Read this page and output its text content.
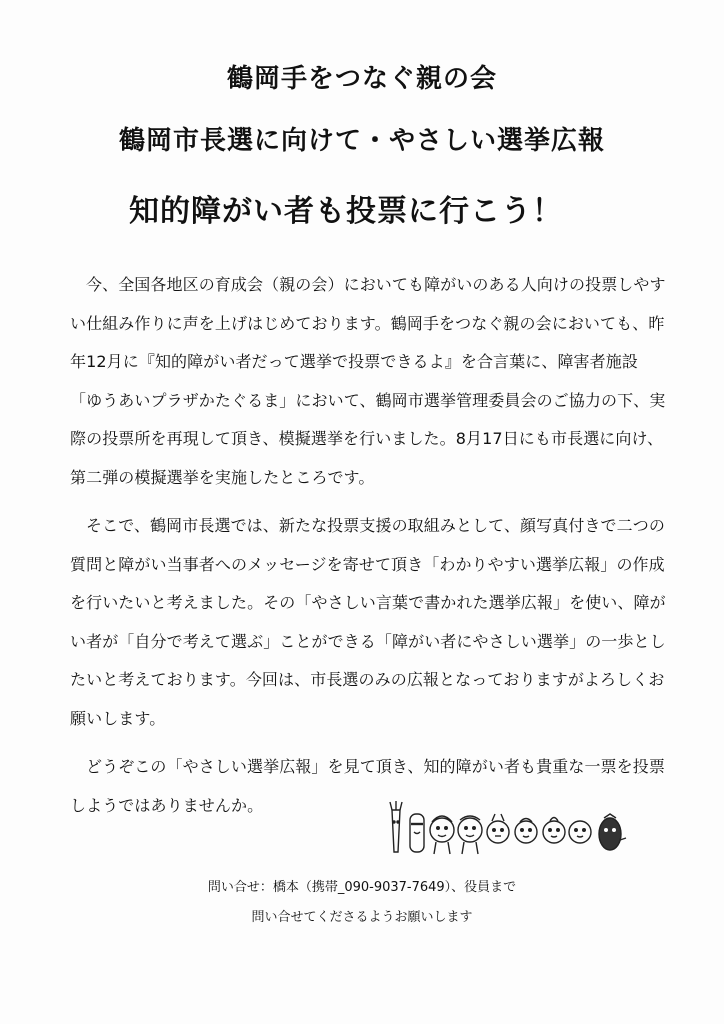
鶴岡手をつなぐ親の会
鶴岡市長選に向けて・やさしい選挙広報
知的障がい者も投票に行こう！

今、全国各地区の育成会（親の会）においても障がいのある人向けの投票しやすい仕組み作りに声を上げはじめております。鶴岡手をつなぐ親の会においても、昨年12月に『知的障がい者だって選挙で投票できるよ』を合言葉に、障害者施設「ゆうあいプラザかたぐるま」において、鶴岡市選挙管理委員会のご協力の下、実際の投票所を再現して頂き、模擬選挙を行いました。8月17日にも市長選に向け、第二弾の模擬選挙を実施したところです。

そこで、鶴岡市長選では、新たな投票支援の取組みとして、顔写真付きで二つの質問と障がい当事者へのメッセージを寄せて頂き「わかりやすい選挙広報」の作成を行いたいと考えました。その「やさしい言葉で書かれた選挙広報」を使い、障がい者が「自分で考えて選ぶ」ことができる「障がい者にやさしい選挙」の一歩としたいと考えております。今回は、市長選のみの広報となっておりますがよろしくお願いします。

どうぞこの「やさしい選挙広報」を見て頂き、知的障がい者も貴重な一票を投票しようではありませんか。

問い合せ：橋本（携帯_090-9037-7649）、役員まで
問い合せてくださるようお願いします
